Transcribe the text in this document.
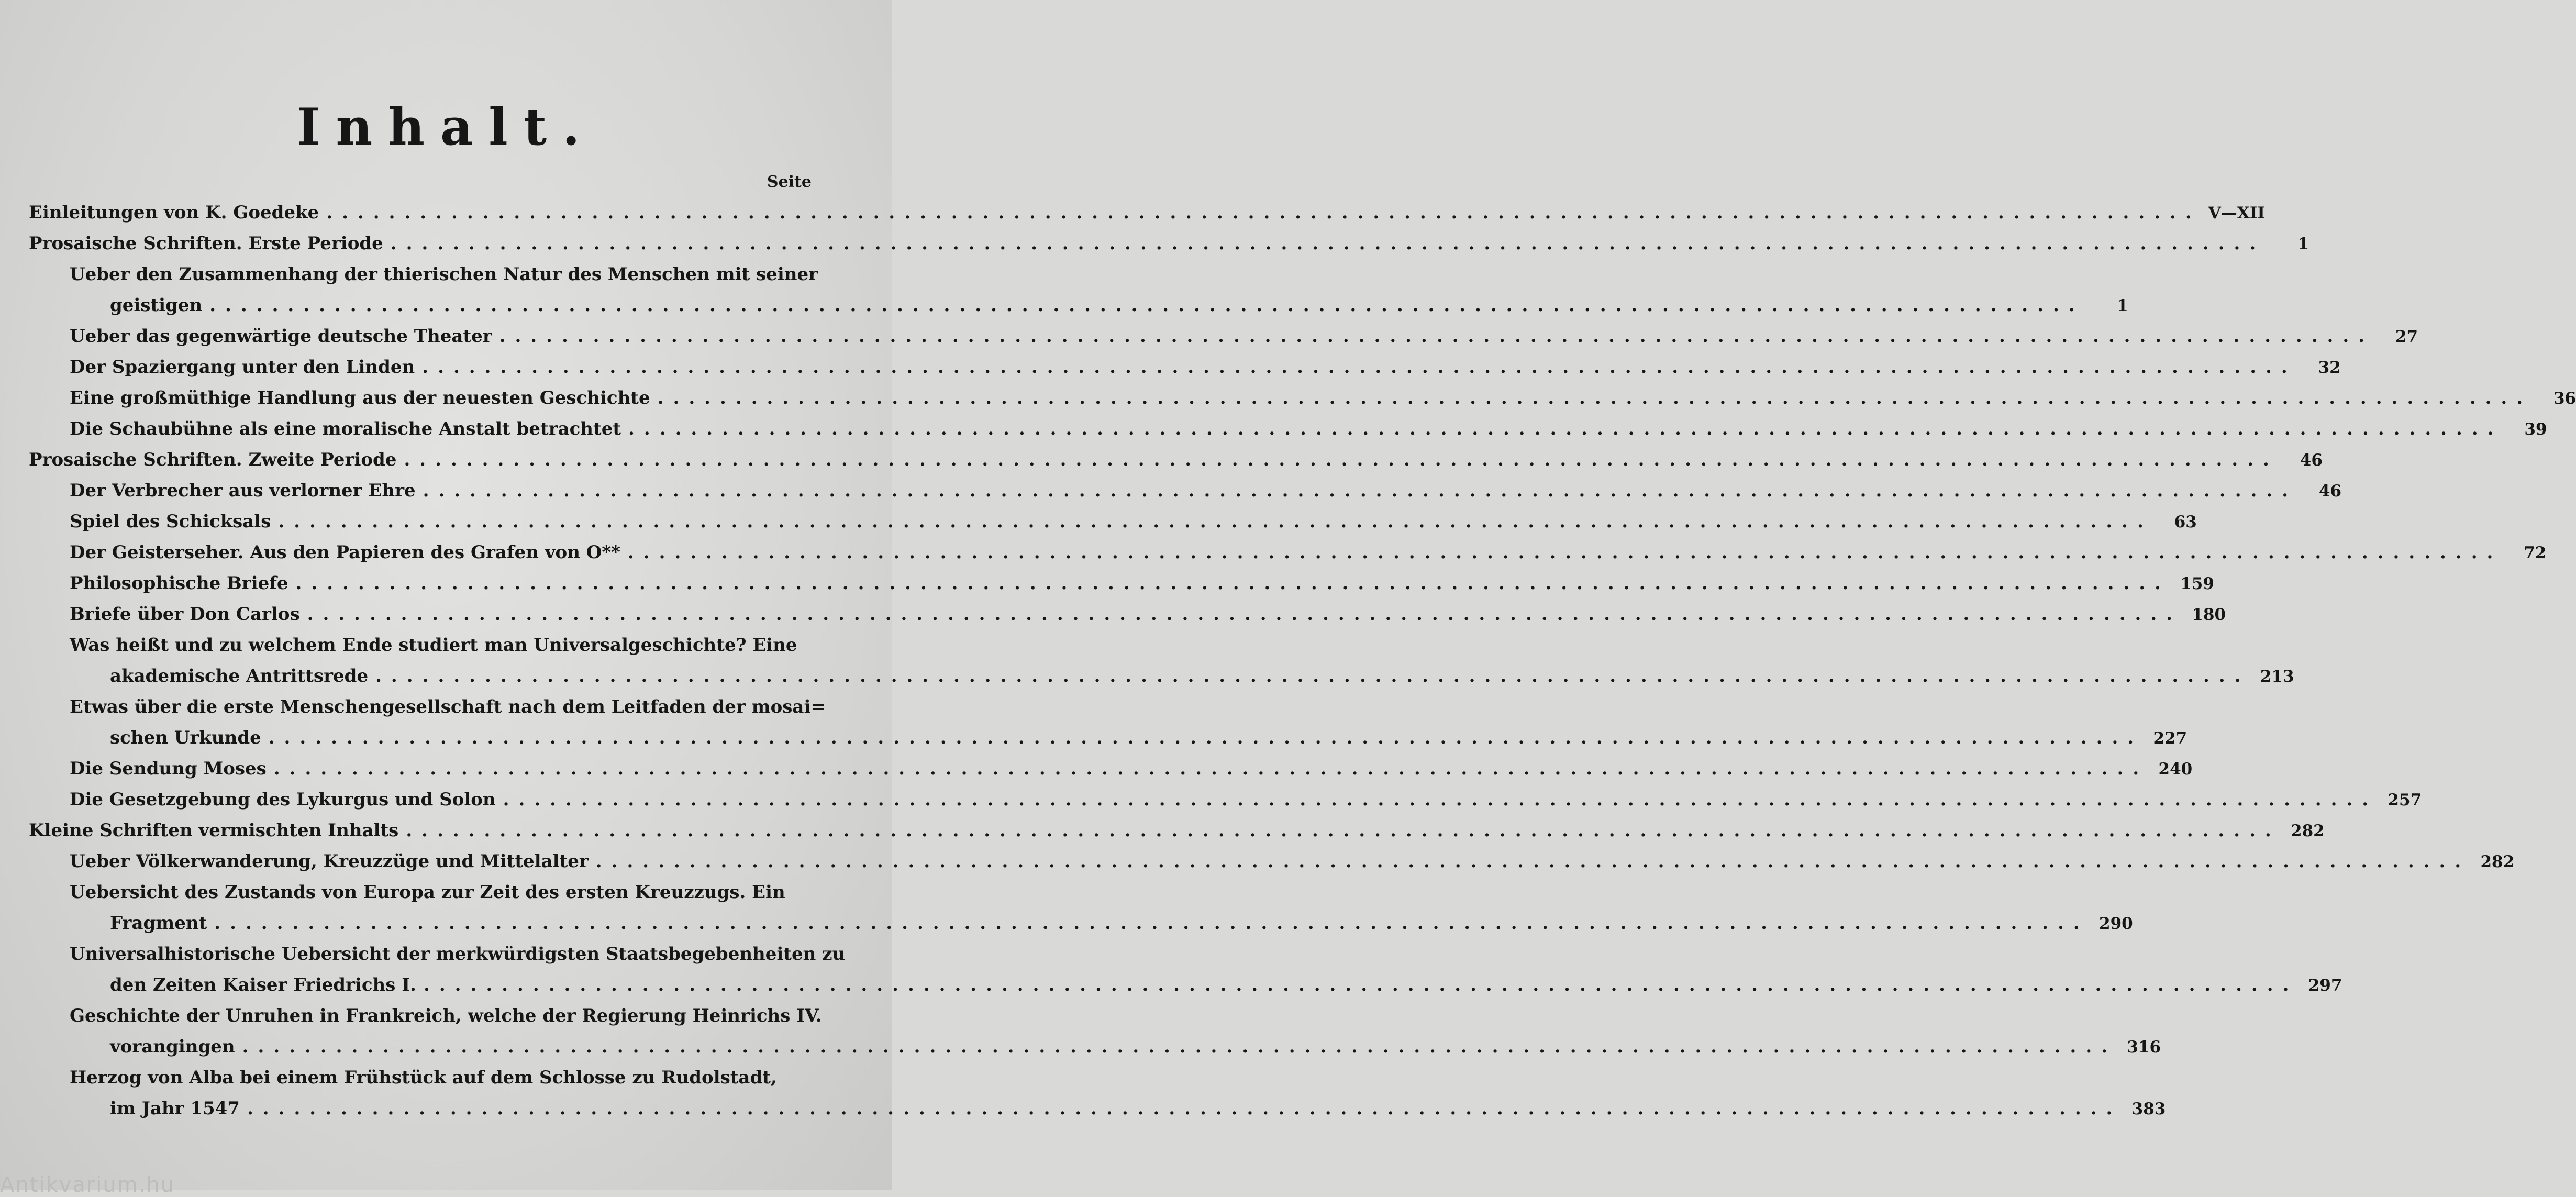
Inhalt.
Seite
Einleitungen von K. Goedeke ........................................................................................................................ V—XII
Prosaische Schriften. Erste Periode ........................................................................................................................	1
Ueber den Zusammenhang der thierischen Natur des Menschen mit seiner
geistigen ........................................................................................................................	1
Ueber das gegenwärtige deutsche Theater ........................................................................................................................	27
Der Spaziergang unter den Linden ........................................................................................................................	32
Eine großmüthige Handlung aus der neuesten Geschichte ........................................................................................................................	36
Die Schaubühne als eine moralische Anstalt betrachtet ........................................................................................................................	39
Prosaische Schriften. Zweite Periode ........................................................................................................................	46
Der Verbrecher aus verlorner Ehre ........................................................................................................................	46
Spiel des Schicksals ........................................................................................................................	63
Der Geisterseher. Aus den Papieren des Grafen von O** ........................................................................................................................	72
Philosophische Briefe ........................................................................................................................ 159
Briefe über Don Carlos ........................................................................................................................ 180
Was heißt und zu welchem Ende studiert man Universalgeschichte? Eine
akademische Antrittsrede ........................................................................................................................ 213
Etwas über die erste Menschengesellschaft nach dem Leitfaden der mosai=
schen Urkunde ........................................................................................................................ 227
Die Sendung Moses ........................................................................................................................ 240
Die Gesetzgebung des Lykurgus und Solon ........................................................................................................................ 257
Kleine Schriften vermischten Inhalts ........................................................................................................................ 282
Ueber Völkerwanderung, Kreuzzüge und Mittelalter ........................................................................................................................ 282
Uebersicht des Zustands von Europa zur Zeit des ersten Kreuzzugs. Ein
Fragment ........................................................................................................................ 290
Universalhistorische Uebersicht der merkwürdigsten Staatsbegebenheiten zu
den Zeiten Kaiser Friedrichs I. ........................................................................................................................ 297
Geschichte der Unruhen in Frankreich, welche der Regierung Heinrichs IV.
vorangingen ........................................................................................................................ 316
Herzog von Alba bei einem Frühstück auf dem Schlosse zu Rudolstadt,
im Jahr 1547 ........................................................................................................................ 383
Antikvarium.hu
